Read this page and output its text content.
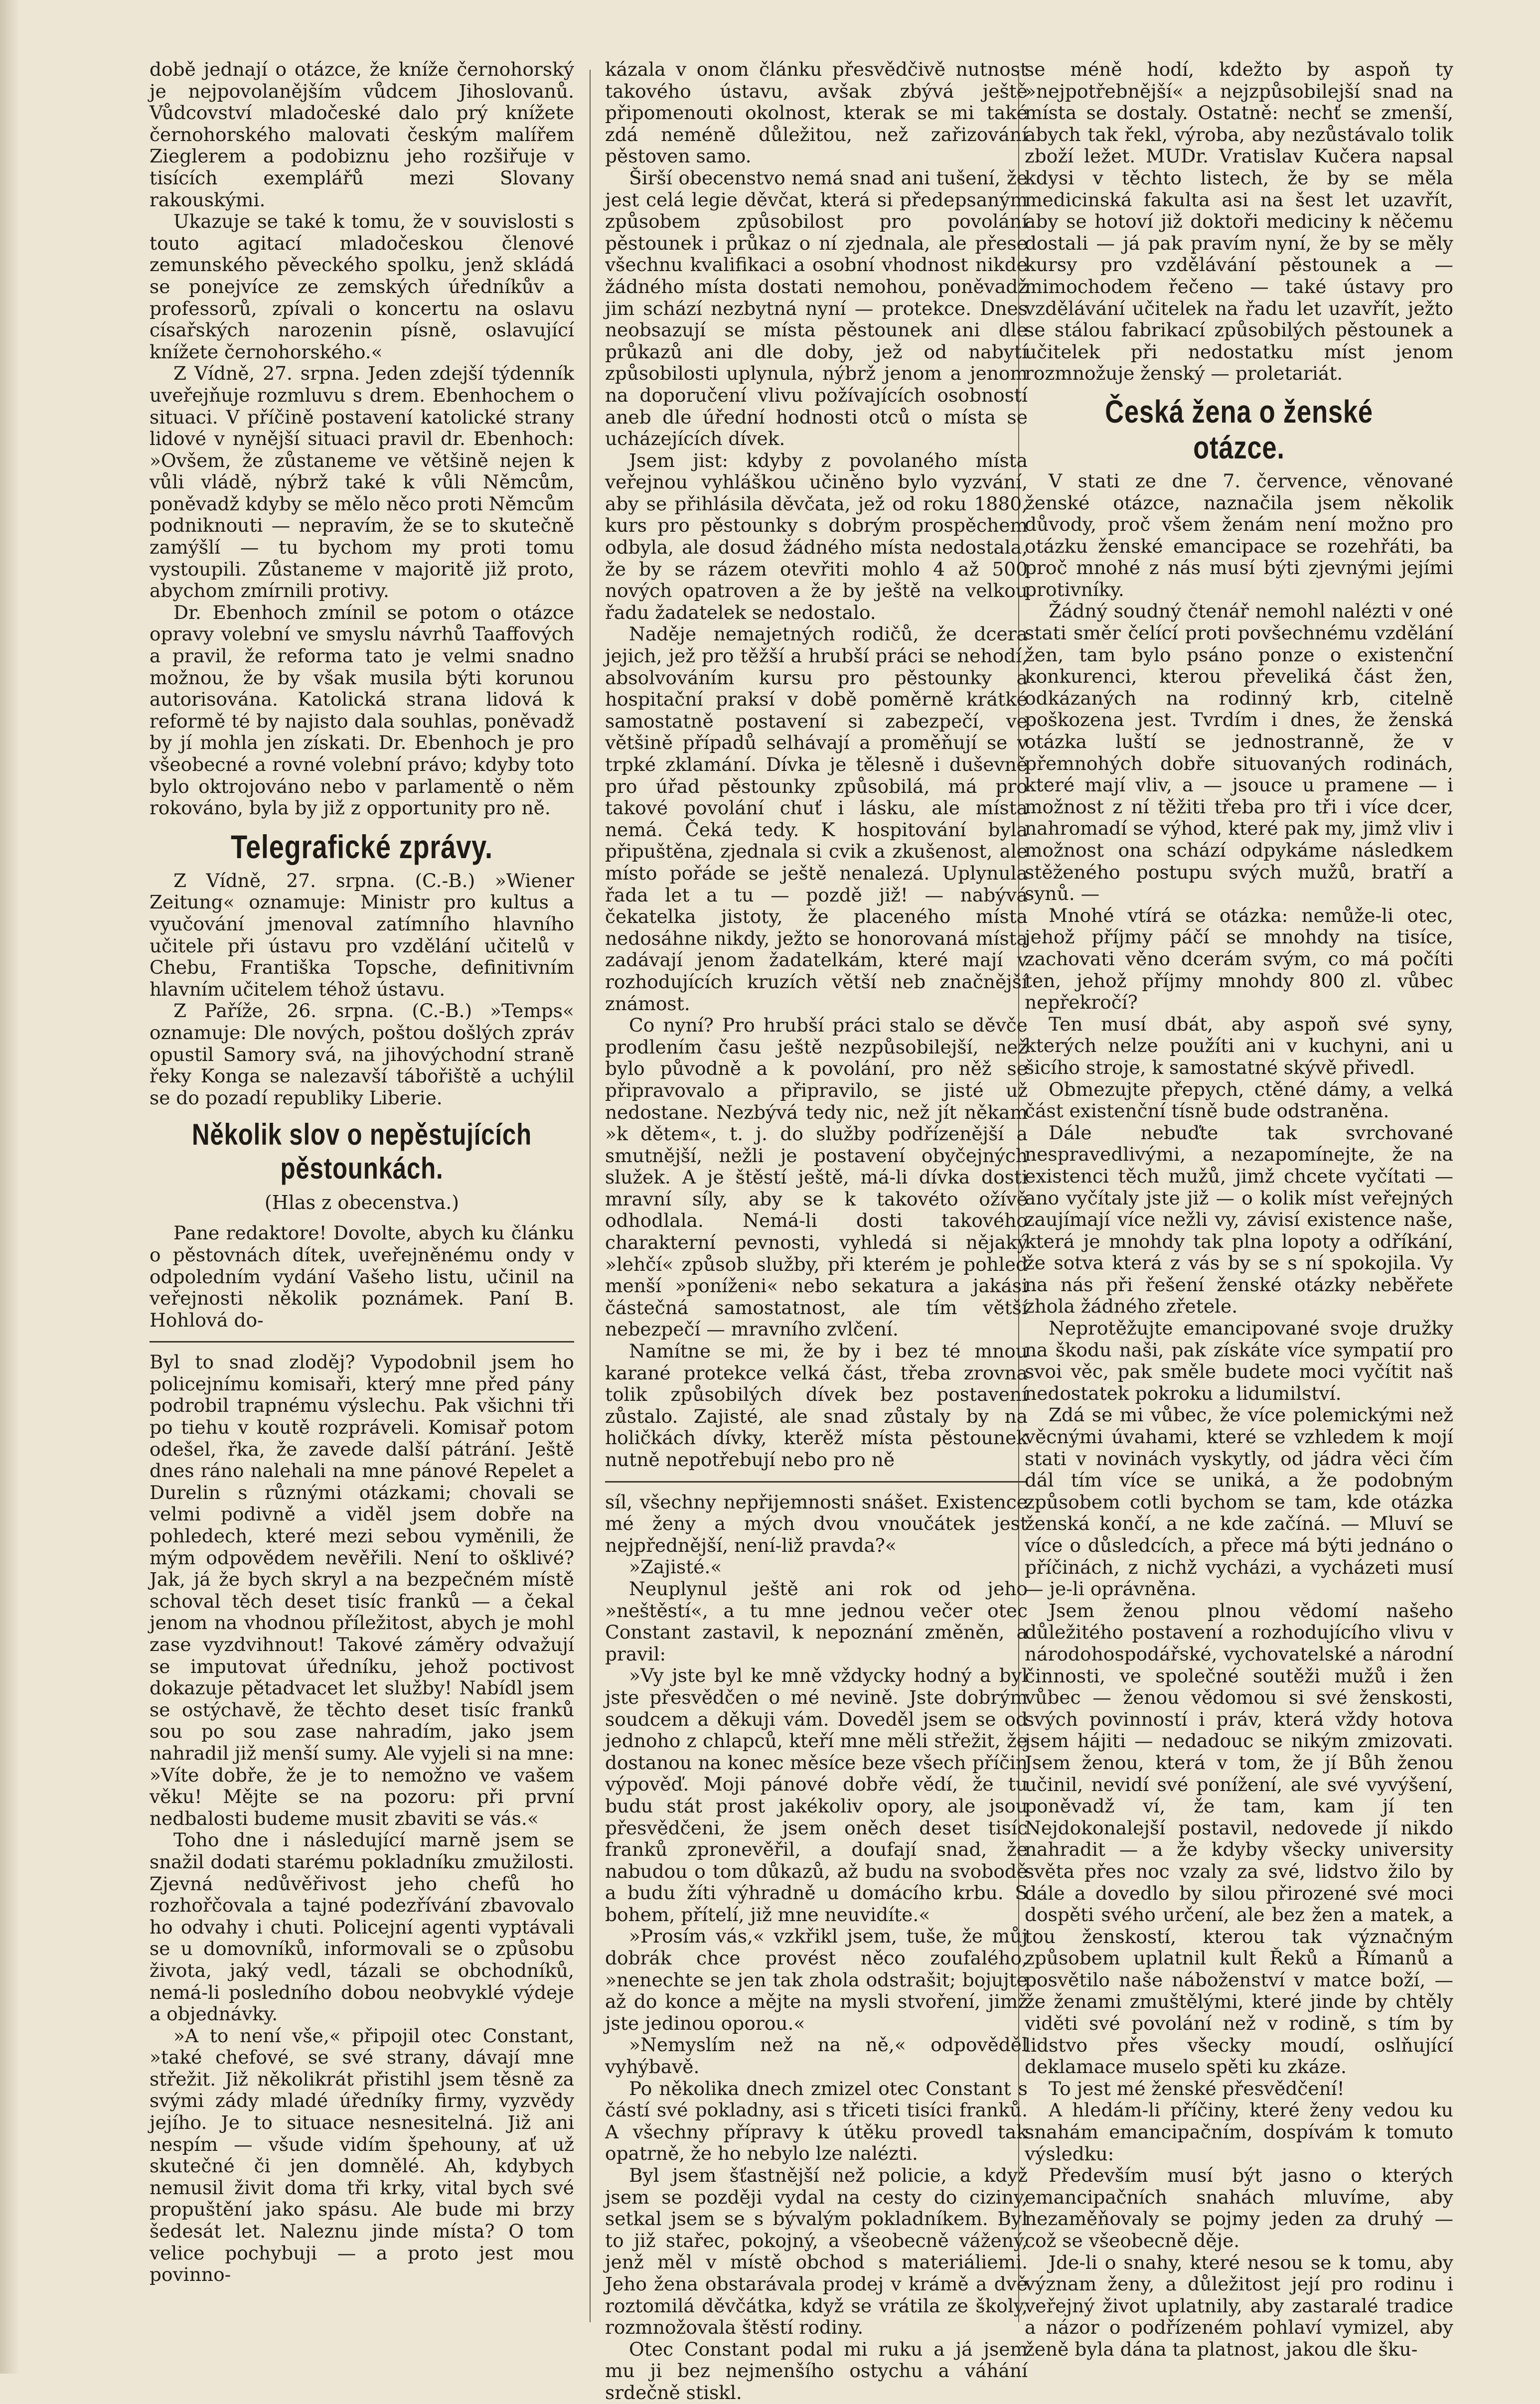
době jednají o otázce, že kníže černohorský je nejpovolanějším vůdcem Jihoslovanů. Vůdcovství mladočeské dalo prý knížete černohorského malovati českým malířem Zieglerem a podobiznu jeho rozšiřuje v tisících exemplářů mezi Slovany rakouskými.

Ukazuje se také k tomu, že v souvislosti s touto agitací mladočeskou členové zemunského pěveckého spolku, jenž skládá se ponejvíce ze zemských úředníkův a professorů, zpívali o koncertu na oslavu císařských narozenin písně, oslavující knížete černohorského.«

Z Vídně, 27. srpna. Jeden zdejší týdenník uveřejňuje rozmluvu s drem. Ebenhochem o situaci. V příčině postavení katolické strany lidové v nynější situaci pravil dr. Ebenhoch: »Ovšem, že zůstaneme ve většině nejen k vůli vládě, nýbrž také k vůli Němcům, poněvadž kdyby se mělo něco proti Němcům podniknouti — nepravím, že se to skutečně zamýšlí — tu bychom my proti tomu vystoupili. Zůstaneme v majoritě již proto, abychom zmírnili protivy.

Dr. Ebenhoch zmínil se potom o otázce opravy volební ve smyslu návrhů Taaffových a pravil, že reforma tato je velmi snadno možnou, že by však musila býti korunou autorisována. Katolická strana lidová k reformě té by najisto dala souhlas, poněvadž by jí mohla jen získati. Dr. Ebenhoch je pro všeobecné a rovné volební právo; kdyby toto bylo oktrojováno nebo v parlamentě o něm rokováno, byla by již z opportunity pro ně.

Telegrafické zprávy.

Z Vídně, 27. srpna. (C.-B.) »Wiener Zeitung« oznamuje: Ministr pro kultus a vyučování jmenoval zatímního hlavního učitele při ústavu pro vzdělání učitelů v Chebu, Františka Topsche, definitivním hlavním učitelem téhož ústavu.

Z Paříže, 26. srpna. (C.-B.) »Temps« oznamuje: Dle nových, poštou došlých zpráv opustil Samory svá, na jihovýchodní straně řeky Konga se nalezavší tábořiště a uchýlil se do pozadí republiky Liberie.

Několik slov o nepěstujících pěstounkách.
(Hlas z obecenstva.)

Pane redaktore! Dovolte, abych ku článku o pěstovnách dítek, uveřejněnému ondy v odpoledním vydání Vašeho listu, učinil na veřejnosti několik poznámek. Paní B. Hohlová do-

Byl to snad zloděj? Vypodobnil jsem ho policejnímu komisaři, který mne před pány podrobil trapnému výslechu. Pak všichni tři po tiehu v koutě rozpráveli. Komisař potom odešel, řka, že zavede další pátrání. Ještě dnes ráno nalehali na mne pánové Repelet a Durelin s různými otázkami; chovali se velmi podivně a viděl jsem dobře na pohledech, které mezi sebou vyměnili, že mým odpovědem nevěřili. Není to ošklivé? Jak, já že bych skryl a na bezpečném místě schoval těch deset tisíc franků — a čekal jenom na vhodnou příležitost, abych je mohl zase vyzdvihnout! Takové záměry odvažují se imputovat úředníku, jehož poctivost dokazuje pětadvacet let služby! Nabídl jsem se ostýchavě, že těchto deset tisíc franků sou po sou zase nahradím, jako jsem nahradil již menší sumy. Ale vyjeli si na mne: »Víte dobře, že je to nemožno ve vašem věku! Mějte se na pozoru: při první nedbalosti budeme musit zbaviti se vás.«

Toho dne i následující marně jsem se snažil dodati starému pokladníku zmužilosti. Zjevná nedůvěřivost jeho chefů ho rozhořčovala a tajné podezřívání zbavovalo ho odvahy i chuti. Policejní agenti vyptávali se u domovníků, informovali se o způsobu života, jaký vedl, tázali se obchodníků, nemá-li posledního dobou neobvyklé výdeje a objednávky.

»A to není vše,« připojil otec Constant, »také chefové, se své strany, dávají mne střežit. Již několikrát přistihl jsem těsně za svými zády mladé úředníky firmy, vyzvědy jejího. Je to situace nesnesitelná. Již ani nespím — všude vidím špehouny, ať už skutečné či jen domnělé. Ah, kdybych nemusil živit doma tři krky, vital bych své propuštění jako spásu. Ale bude mi brzy šedesát let. Naleznu jinde místa? O tom velice pochybuji — a proto jest mou povinno-

kázala v onom článku přesvědčivě nutnost takového ústavu, avšak zbývá ještě připomenouti okolnost, kterak se mi také zdá neméně důležitou, než zařizování pěstoven samo.

Širší obecenstvo nemá snad ani tušení, že jest celá legie děvčat, která si předepsaným způsobem způsobilost pro povolání pěstounek i průkaz o ní zjednala, ale přese všechnu kvalifikaci a osobní vhodnost nikde žádného místa dostati nemohou, poněvadž jim schází nezbytná nyní — protekce. Dnes neobsazují se místa pěstounek ani dle průkazů ani dle doby, jež od nabytí způsobilosti uplynula, nýbrž jenom a jenom na doporučení vlivu požívajících osobností aneb dle úřední hodnosti otců o místa se ucházejících dívek.

Jsem jist: kdyby z povolaného místa veřejnou vyhláškou učiněno bylo vyzvání, aby se přihlásila děvčata, jež od roku 1880, kurs pro pěstounky s dobrým prospěchem odbyla, ale dosud žádného místa nedostala, že by se rázem otevřiti mohlo 4 až 500 nových opatroven a že by ještě na velkou řadu žadatelek se nedostalo.

Naděje nemajetných rodičů, že dcera jejich, jež pro těžší a hrubší práci se nehodí, absolvováním kursu pro pěstounky a hospitační praksí v době poměrně krátké samostatně postavení si zabezpečí, ve většině případů selhávají a proměňují se v trpké zklamání. Dívka je tělesně i duševně pro úřad pěstounky způsobilá, má pro takové povolání chuť i lásku, ale místa nemá. Čeká tedy. K hospitování byla připuštěna, zjednala si cvik a zkušenost, ale místo pořáde se ještě nenalezá. Uplynula řada let a tu — pozdě již! — nabývá čekatelka jistoty, že placeného místa nedosáhne nikdy, ježto se honorovaná místa zadávají jenom žadatelkám, které mají v rozhodujících kruzích větší neb značnější známost.

Co nyní? Pro hrubší práci stalo se děvče prodlením času ještě nezpůsobilejší, než bylo původně a k povolání, pro něž se připravovalo a připravilo, se jisté už nedostane. Nezbývá tedy nic, než jít někam »k dětem«, t. j. do služby podřízenější a smutnější, nežli je postavení obyčejných služek. A je štěstí ještě, má-li dívka dosti mravní síly, aby se k takovéto ožívě odhodlala. Nemá-li dosti takového charakterní pevnosti, vyhledá si nějaký »lehčí« způsob služby, při kterém je pohled menší »poníženi« nebo sekatura a jakási částečná samostatnost, ale tím větší nebezpečí — mravního zvlčení.

Namítne se mi, že by i bez té mnou karané protekce velká část, třeba zrovna tolik způsobilých dívek bez postavení zůstalo. Zajisté, ale snad zůstaly by na holičkách dívky, kterěž místa pěstounek nutně nepotřebují nebo pro ně

síl, všechny nepřijemnosti snášet. Existence mé ženy a mých dvou vnoučátek jest nejpřednější, není-liž pravda?«

»Zajisté.«

Neuplynul ještě ani rok od jeho »neštěstí«, a tu mne jednou večer otec Constant zastavil, k nepoznání změněn, a pravil:

»Vy jste byl ke mně vždycky hodný a byl jste přesvědčen o mé nevině. Jste dobrým soudcem a děkuji vám. Doveděl jsem se od jednoho z chlapců, kteří mne měli střežit, že dostanou na konec měsíce beze všech příčin výpověď. Moji pánové dobře vědí, že tu budu stát prost jakékoliv opory, ale jsou přesvědčeni, že jsem oněch deset tisíc franků zpronevěřil, a doufají snad, že nabudou o tom důkazů, až budu na svobodě a budu žíti výhradně u domácího krbu. S bohem, přítelí, již mne neuvidíte.«

»Prosím vás,« vzkřikl jsem, tuše, že můj dobrák chce provést něco zoufalého, »nenechte se jen tak zhola odstrašit; bojujte až do konce a mějte na mysli stvoření, jimž jste jedinou oporou.«

»Nemyslím než na ně,« odpověděl vyhýbavě.

Po několika dnech zmizel otec Constant s částí své pokladny, asi s třiceti tisíci franků. A všechny přípravy k útěku provedl tak opatrně, že ho nebylo lze nalézti.

Byl jsem šťastnější než policie, a když jsem se později vydal na cesty do ciziny, setkal jsem se s bývalým pokladníkem. Byl to již stařec, pokojný, a všeobecně vážený, jenž měl v místě obchod s materiáliemi. Jeho žena obstarávala prodej v krámě a dvě roztomilá děvčátka, když se vrátila ze školy, rozmnožovala štěstí rodiny.

Otec Constant podal mi ruku a já jsem mu ji bez nejmenšího ostychu a váhání srdečně stiskl.

se méně hodí, kdežto by aspoň ty »nejpotřebnější« a nejzpůsobilejší snad na místa se dostaly. Ostatně: nechť se zmenší, abych tak řekl, výroba, aby nezůstávalo tolik zboží ležet. MUDr. Vratislav Kučera napsal kdysi v těchto listech, že by se měla medicinská fakulta asi na šest let uzavřít, aby se hotoví již doktoři mediciny k něčemu dostali — já pak pravím nyní, že by se měly kursy pro vzdělávání pěstounek a — mimochodem řečeno — také ústavy pro vzdělávání učitelek na řadu let uzavřít, ježto se stálou fabrikací způsobilých pěstounek a učitelek při nedostatku míst jenom rozmnožuje ženský — proletariát.

Česká žena o ženské otázce.

V stati ze dne 7. července, věnované ženské otázce, naznačila jsem několik důvody, proč všem ženám není možno pro otázku ženské emancipace se rozehřáti, ba proč mnohé z nás musí býti zjevnými jejími protivníky.

Žádný soudný čtenář nemohl nalézti v oné stati směr čelící proti povšechnému vzdělání žen, tam bylo psáno ponze o existenční konkurenci, kterou převeliká část žen, odkázaných na rodinný krb, citelně poškozena jest. Tvrdím i dnes, že ženská otázka luští se jednostranně, že v přemnohých dobře situovaných rodinách, které mají vliv, a — jsouce u pramene — i možnost z ní těžiti třeba pro tři i více dcer, nahromadí se výhod, které pak my, jimž vliv i možnost ona schází odpykáme následkem stěženého postupu svých mužů, bratří a synů. —

Mnohé vtírá se otázka: nemůže-li otec, jehož příjmy páčí se mnohdy na tisíce, zachovati věno dcerám svým, co má počíti ten, jehož příjmy mnohdy 800 zl. vůbec nepřekročí?

Ten musí dbát, aby aspoň své syny, kterých nelze použíti ani v kuchyni, ani u šicího stroje, k samostatné skývě přivedl.

Obmezujte přepych, ctěné dámy, a velká část existenční tísně bude odstraněna.

Dále nebuďte tak svrchované nespravedlivými, a nezapomínejte, že na existenci těch mužů, jimž chcete vyčítati — ano vyčítaly jste již — o kolik míst veřejných zaujímají více nežli vy, závisí existence naše, která je mnohdy tak plna lopoty a odříkání, že sotva která z vás by se s ní spokojila. Vy na nás při řešení ženské otázky neběřete zhola žádného zřetele.

Neprotěžujte emancipované svoje družky na škodu naši, pak získáte více sympatií pro svoi věc, pak směle budete moci vyčítit naš nedostatek pokroku a lidumilství.

Zdá se mi vůbec, že více polemickými než věcnými úvahami, které se vzhledem k mojí stati v novinách vyskytly, od jádra věci čím dál tím více se uniká, a že podobným způsobem cotli bychom se tam, kde otázka ženská končí, a ne kde začíná. — Mluví se více o důsledcích, a přece má býti jednáno o příčinách, z nichž vycházi, a vycházeti musí — je-li oprávněna.

Jsem ženou plnou vědomí našeho důležitého postavení a rozhodujícího vlivu v národohospodářské, vychovatelské a národní činnosti, ve společné soutěži mužů i žen vůbec — ženou vědomou si své ženskosti, svých povinností i práv, která vždy hotova jsem hájiti — nedadouc se nikým zmizovati. Jsem ženou, která v tom, že jí Bůh ženou učinil, nevidí své ponížení, ale své vyvýšení, poněvadž ví, že tam, kam jí ten Nejdokonalejší postavil, nedovede jí nikdo nahradit — a že kdyby všecky university světa přes noc vzaly za své, lidstvo žilo by dále a dovedlo by silou přirozené své moci dospěti svého určení, ale bez žen a matek, a tou ženskostí, kterou tak význačným způsobem uplatnil kult Řeků a Římanů a posvětilo naše náboženství v matce boží, — že ženami zmuštělými, které jinde by chtěly viděti své povolání než v rodině, s tím by lidstvo přes všecky moudí, oslňující deklamace muselo spěti ku zkáze.

To jest mé ženské přesvědčení!

A hledám-li příčiny, které ženy vedou ku snahám emancipačním, dospívám k tomuto výsledku:

Především musí být jasno o kterých emancipačních snahách mluvíme, aby nezaměňovaly se pojmy jeden za druhý — což se všeobecně děje.

Jde-li o snahy, které nesou se k tomu, aby význam ženy, a důležitost její pro rodinu i veřejný život uplatnily, aby zastaralé tradice a názor o podřízeném pohlaví vymizel, aby ženě byla dána ta platnost, jakou dle šku-
